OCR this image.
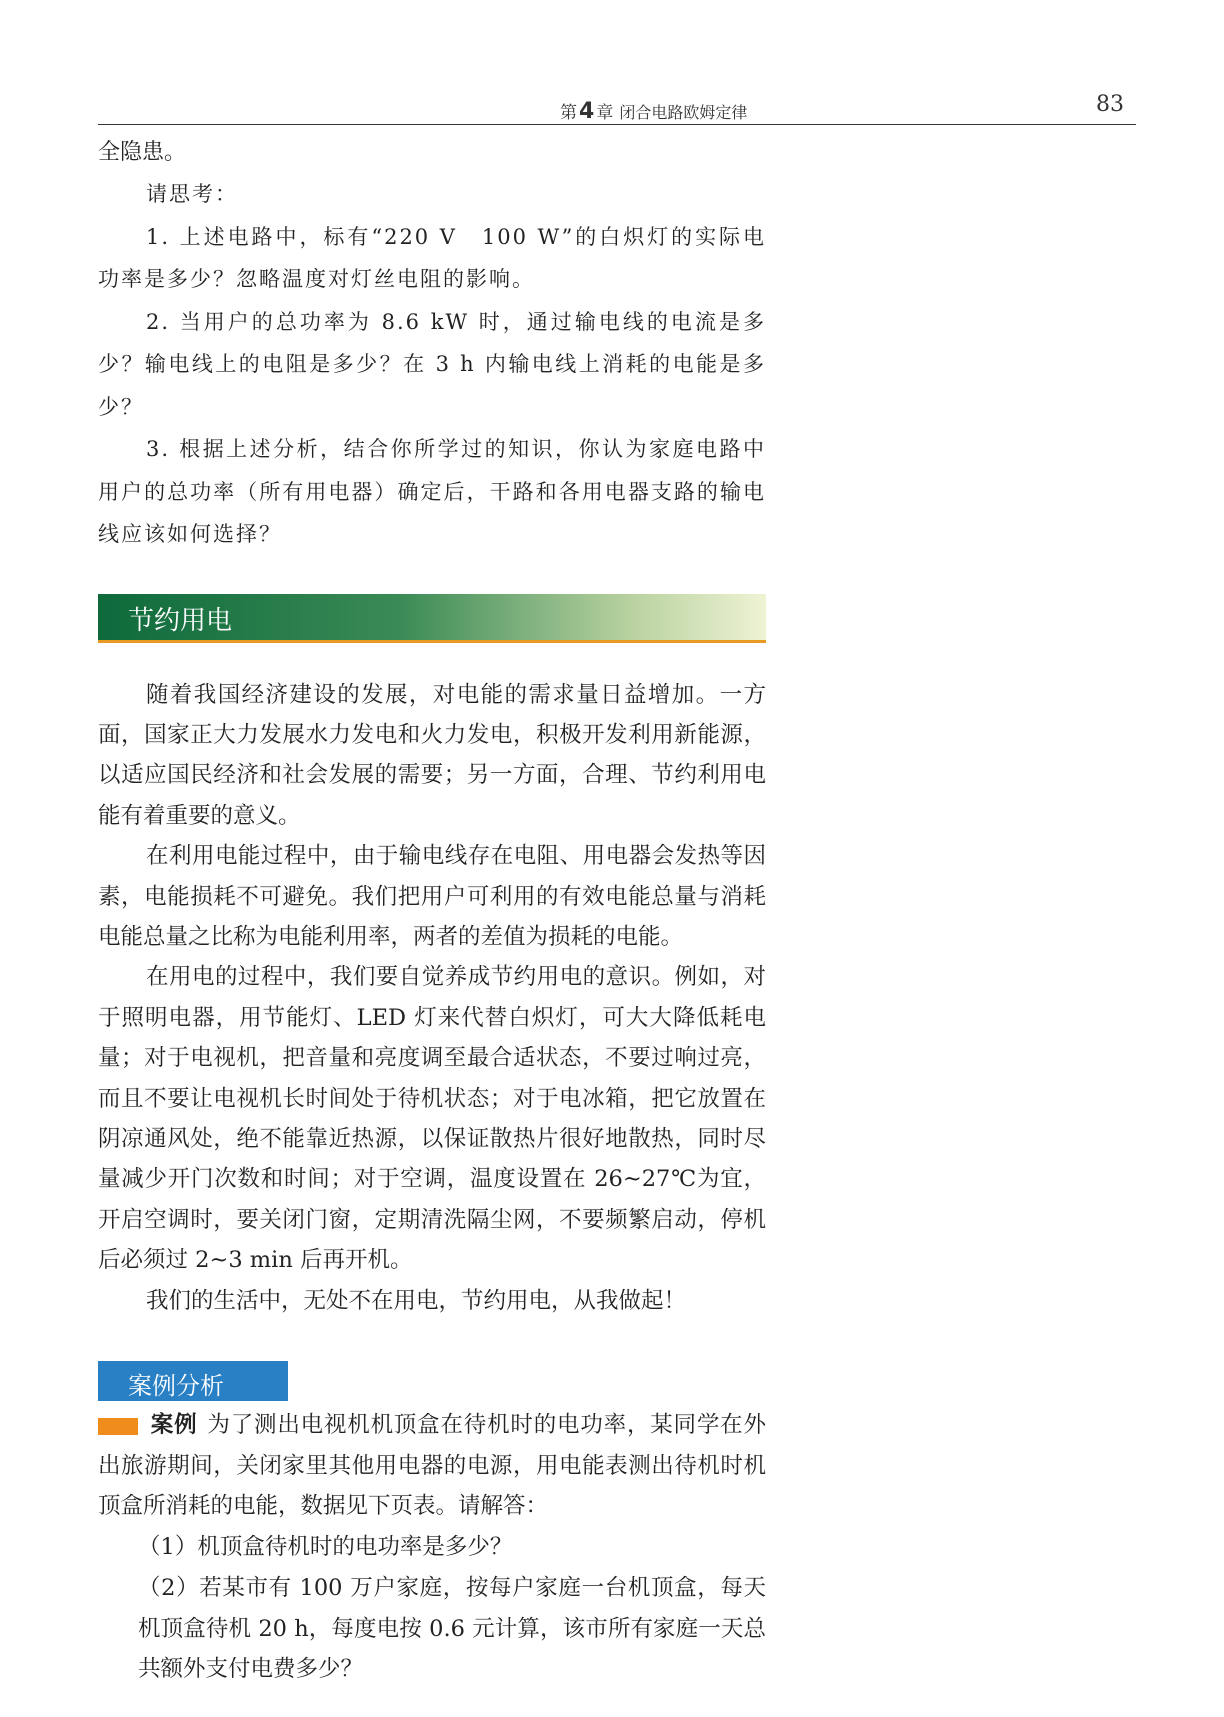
第4 章 闭合电路欧姆定律	83

全隐患。

请思考：

1. 上述电路中，标有“220 V　100 W”的白炽灯的实际电功率是多少？忽略温度对灯丝电阻的影响。

2. 当用户的总功率为 8.6 kW 时，通过输电线的电流是多少？输电线上的电阻是多少？在 3 h 内输电线上消耗的电能是多少？

3. 根据上述分析，结合你所学过的知识，你认为家庭电路中用户的总功率（所有用电器）确定后，干路和各用电器支路的输电线应该如何选择？

节约用电

随着我国经济建设的发展，对电能的需求量日益增加。一方面，国家正大力发展水力发电和火力发电，积极开发利用新能源，以适应国民经济和社会发展的需要；另一方面，合理、节约利用电能有着重要的意义。

在利用电能过程中，由于输电线存在电阻、用电器会发热等因素，电能损耗不可避免。我们把用户可利用的有效电能总量与消耗电能总量之比称为电能利用率，两者的差值为损耗的电能。

在用电的过程中，我们要自觉养成节约用电的意识。例如，对于照明电器，用节能灯、LED 灯来代替白炽灯，可大大降低耗电量；对于电视机，把音量和亮度调至最合适状态，不要过响过亮，而且不要让电视机长时间处于待机状态；对于电冰箱，把它放置在阴凉通风处，绝不能靠近热源，以保证散热片很好地散热，同时尽量减少开门次数和时间；对于空调，温度设置在 26~27℃为宜，开启空调时，要关闭门窗，定期清洗隔尘网，不要频繁启动，停机后必须过 2~3 min 后再开机。

我们的生活中，无处不在用电，节约用电，从我做起！

案例分析

案例 为了测出电视机机顶盒在待机时的电功率，某同学在外出旅游期间，关闭家里其他用电器的电源，用电能表测出待机时机顶盒所消耗的电能，数据见下页表。请解答：

（1）机顶盒待机时的电功率是多少？

（2）若某市有 100 万户家庭，按每户家庭一台机顶盒，每天机顶盒待机 20 h，每度电按 0.6 元计算，该市所有家庭一天总共额外支付电费多少？
